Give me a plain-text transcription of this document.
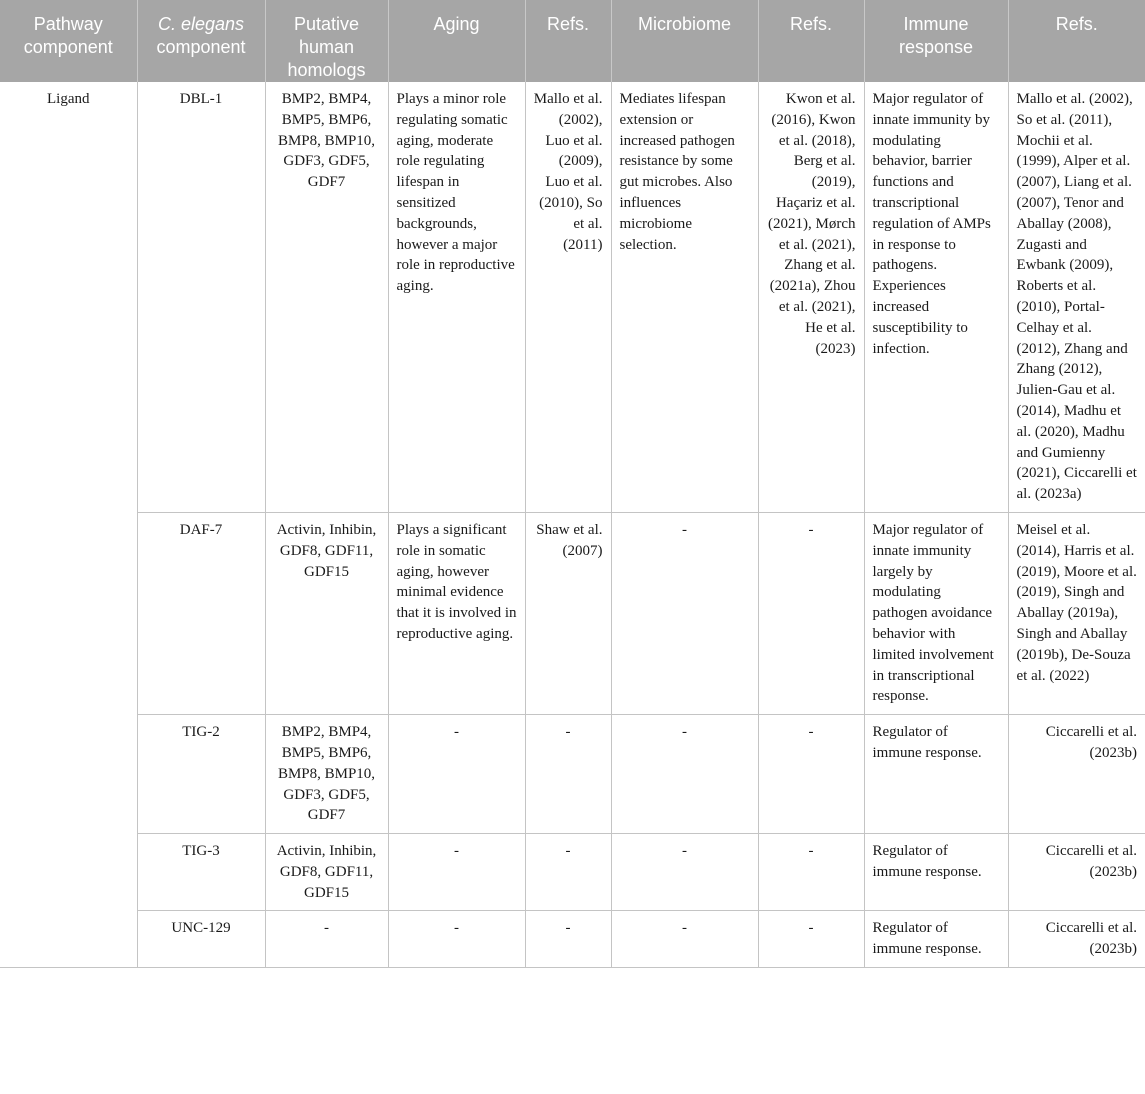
Pathway component	C. elegans component	Putative human homologs	Aging	Refs.	Microbiome	Refs.	Immune response	Refs.
Ligand	DBL-1	BMP2, BMP4, BMP5, BMP6, BMP8, BMP10, GDF3, GDF5, GDF7	Plays a minor role regulating somatic aging, moderate role regulating lifespan in sensitized backgrounds, however a major role in reproductive aging.	Mallo et al. (2002), Luo et al. (2009), Luo et al. (2010), So et al. (2011)	Mediates lifespan extension or increased pathogen resistance by some gut microbes. Also influences microbiome selection.	Kwon et al. (2016), Kwon et al. (2018), Berg et al. (2019), Haçariz et al. (2021), Mørch et al. (2021), Zhang et al. (2021a), Zhou et al. (2021), He et al. (2023)	Major regulator of innate immunity by modulating behavior, barrier functions and transcriptional regulation of AMPs in response to pathogens. Experiences increased susceptibility to infection.	Mallo et al. (2002), So et al. (2011), Mochii et al. (1999), Alper et al. (2007), Liang et al. (2007), Tenor and Aballay (2008), Zugasti and Ewbank (2009), Roberts et al. (2010), Portal-Celhay et al. (2012), Zhang and Zhang (2012), Julien-Gau et al. (2014), Madhu et al. (2020), Madhu and Gumienny (2021), Ciccarelli et al. (2023a)
	DAF-7	Activin, Inhibin, GDF8, GDF11, GDF15	Plays a significant role in somatic aging, however minimal evidence that it is involved in reproductive aging.	Shaw et al. (2007)	-	-	Major regulator of innate immunity largely by modulating pathogen avoidance behavior with limited involvement in transcriptional response.	Meisel et al. (2014), Harris et al. (2019), Moore et al. (2019), Singh and Aballay (2019a), Singh and Aballay (2019b), De-Souza et al. (2022)
	TIG-2	BMP2, BMP4, BMP5, BMP6, BMP8, BMP10, GDF3, GDF5, GDF7	-	-	-	-	Regulator of immune response.	Ciccarelli et al. (2023b)
	TIG-3	Activin, Inhibin, GDF8, GDF11, GDF15	-	-	-	-	Regulator of immune response.	Ciccarelli et al. (2023b)
	UNC-129	-	-	-	-	-	Regulator of immune response.	Ciccarelli et al. (2023b)
